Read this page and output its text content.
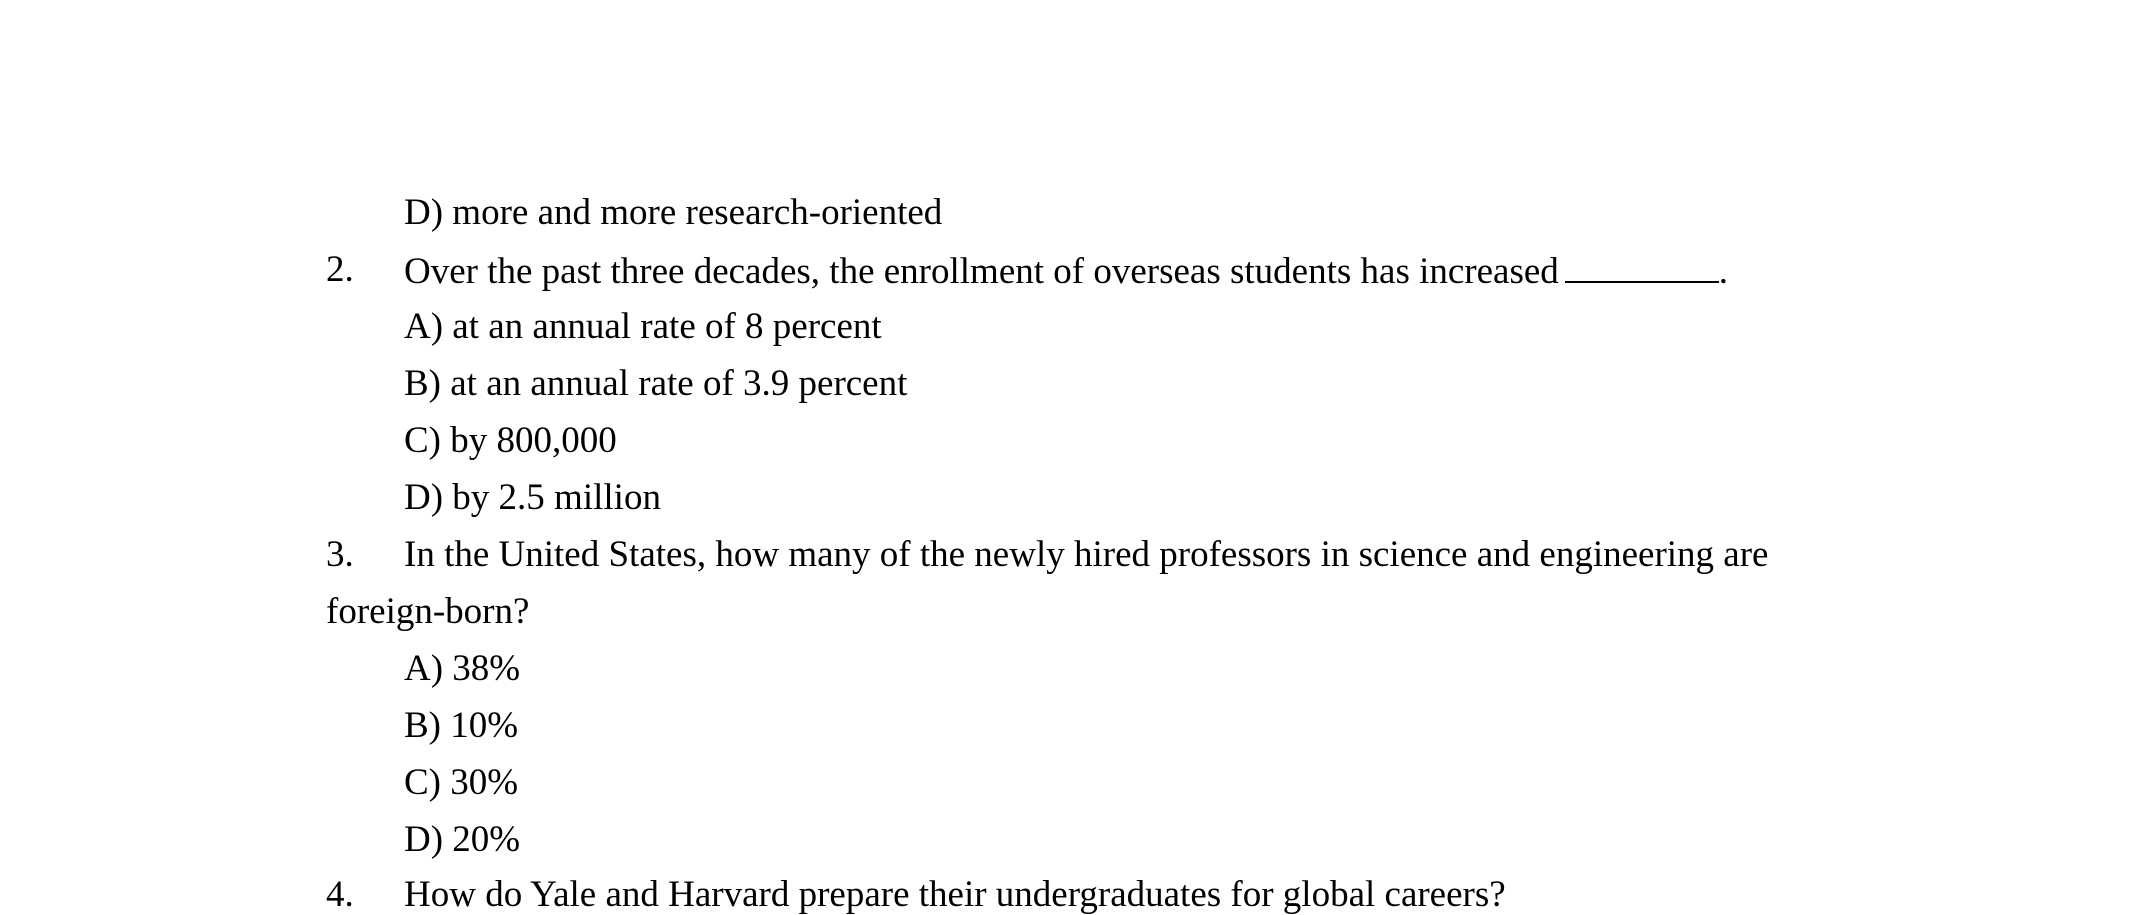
D) more and more research-oriented
2. Over the past three decades, the enrollment of overseas students has increased	.
A) at an annual rate of 8 percent
B) at an annual rate of 3.9 percent
C) by 800,000
D) by 2.5 million
3. In the United States, how many of the newly hired professors in science and engineering are
foreign-born?
A) 38%
B) 10%
C) 30%
D) 20%
4. How do Yale and Harvard prepare their undergraduates for global careers?
